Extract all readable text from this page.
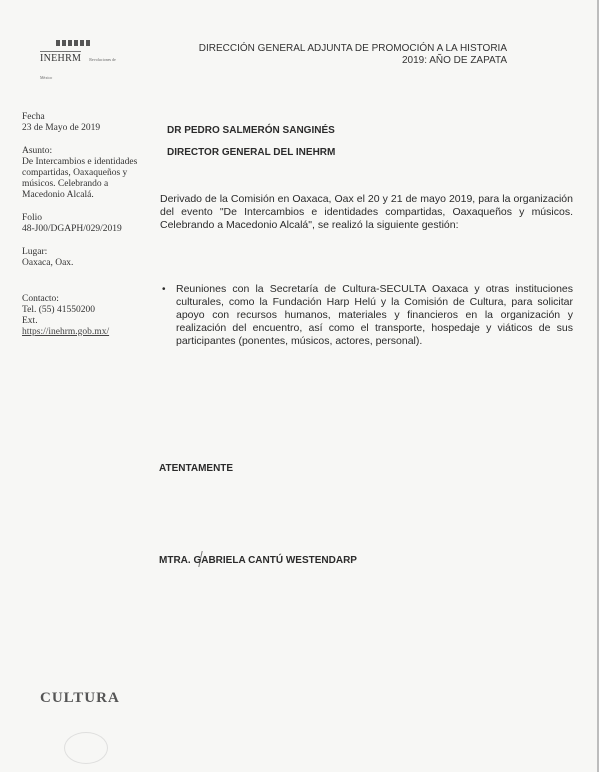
INEHRM Revoluciones de México
DIRECCIÓN GENERAL ADJUNTA DE PROMOCIÓN A LA HISTORIA
2019: AÑO DE ZAPATA
Fecha
23 de Mayo de 2019
Asunto:
De Intercambios e identidades
compartidas, Oaxaqueños y
músicos. Celebrando a
Macedonio Alcalá.
Folio
48-J00/DGAPH/029/2019
Lugar:
Oaxaca, Oax.
Contacto:
Tel. (55) 41550200
Ext.
https://inehrm.gob.mx/
DR PEDRO SALMERÓN SANGINÉS
DIRECTOR GENERAL DEL INEHRM
Derivado de la Comisión en Oaxaca, Oax el 20 y 21 de mayo 2019, para la organización del evento "De Intercambios e identidades compartidas, Oaxaqueños y músicos. Celebrando a Macedonio Alcalá", se realizó la siguiente gestión:
• Reuniones con la Secretaría de Cultura-SECULTA Oaxaca y otras instituciones culturales, como la Fundación Harp Helú y la Comisión de Cultura, para solicitar apoyo con recursos humanos, materiales y financieros en la organización y realización del encuentro, así como el transporte, hospedaje y viáticos de sus participantes (ponentes, músicos, actores, personal).
ATENTAMENTE
MTRA. GABRIELA CANTÚ WESTENDARP
CULTURA
